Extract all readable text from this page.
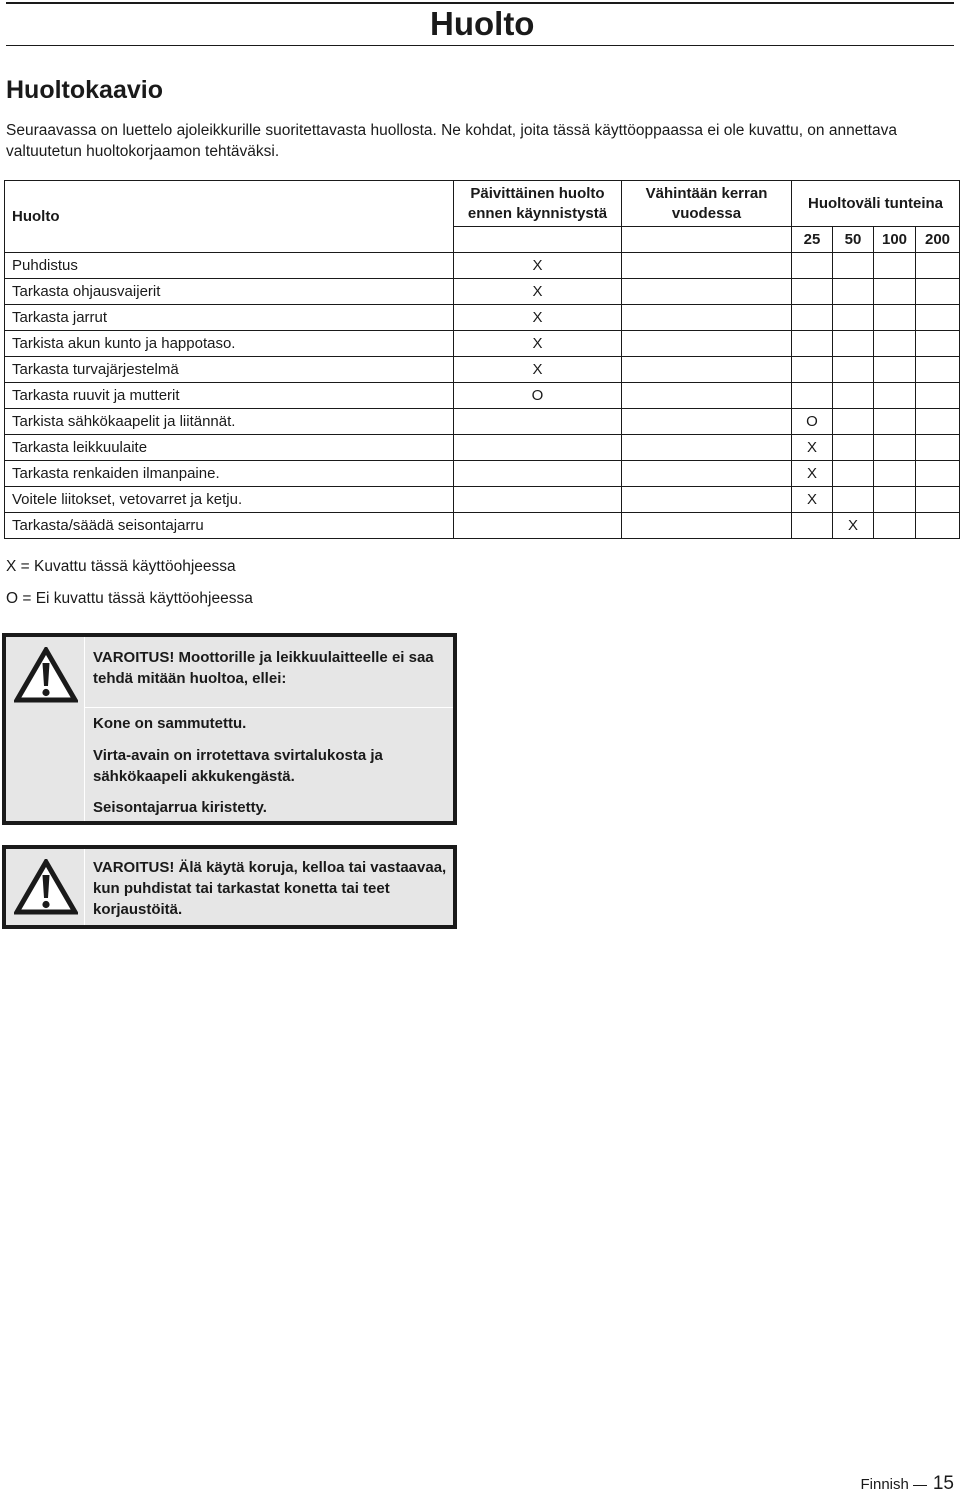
Huolto
Huoltokaavio
Seuraavassa on luettelo ajoleikkurille suoritettavasta huollosta. Ne kohdat, joita tässä käyttöoppaassa ei ole kuvattu, on annettava valtuutetun huoltokorjaamon tehtäväksi.
Huolto	Päivittäinen huolto ennen käynnistystä	Vähintään kerran vuodessa	Huoltoväli tunteina			
			25	50	100	200
Puhdistus	X					
Tarkasta ohjausvaijerit	X					
Tarkasta jarrut	X					
Tarkista akun kunto ja happotaso.	X					
Tarkasta turvajärjestelmä	X					
Tarkasta ruuvit ja mutterit	O					
Tarkista sähkökaapelit ja liitännät.			O			
Tarkasta leikkuulaite			X			
Tarkasta renkaiden ilmanpaine.			X			
Voitele liitokset, vetovarret ja ketju.			X			
Tarkasta/säädä seisontajarru				X		
X = Kuvattu tässä käyttöohjeessa
O = Ei kuvattu tässä käyttöohjeessa
VAROITUS! Moottorille ja leikkuulaitteelle ei saa tehdä mitään huoltoa, ellei:
Kone on sammutettu.
Virta-avain on irrotettava svirtalukosta ja sähkökaapeli akkukengästä.
Seisontajarrua kiristetty.
VAROITUS! Älä käytä koruja, kelloa tai vastaavaa, kun puhdistat tai tarkastat konetta tai teet korjaustöitä.
Finnish 15
